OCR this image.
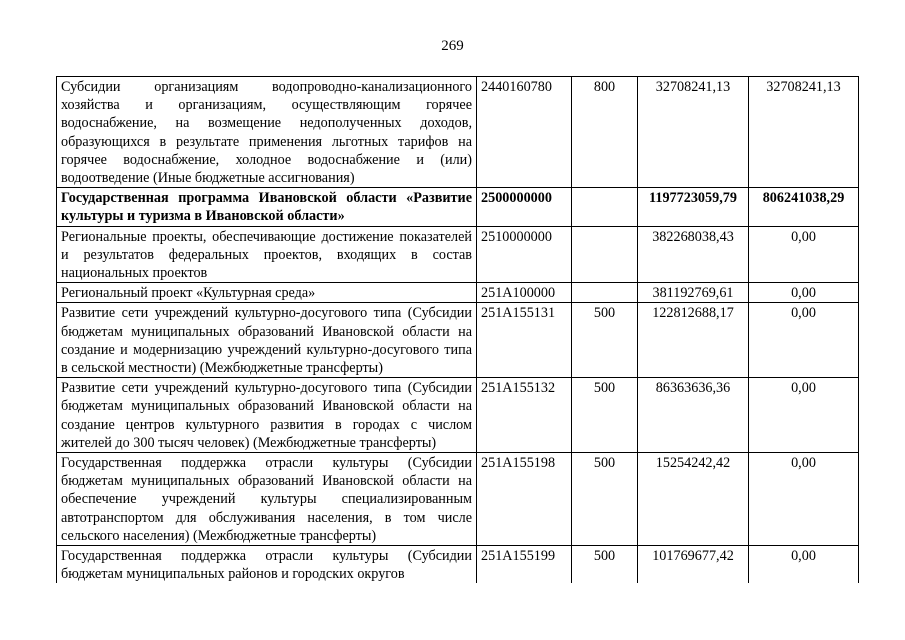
269
Субсидии организациям водопроводно-канализационного хозяйства и организациям, осуществляющим горячее водоснабжение, на возмещение недополученных доходов, образующихся в результате применения льготных тарифов на горячее водоснабжение, холодное водоснабжение и (или) водоотведение (Иные бюджетные ассигнования)	2440160780	800	32708241,13	32708241,13
Государственная программа Ивановской области «Развитие культуры и туризма в Ивановской области»	2500000000		1197723059,79	806241038,29
Региональные проекты, обеспечивающие достижение показателей и результатов федеральных проектов, входящих в состав национальных проектов	2510000000		382268038,43	0,00
Региональный проект «Культурная среда»	251А100000		381192769,61	0,00
Развитие сети учреждений культурно-досугового типа (Субсидии бюджетам муниципальных образований Ивановской области на создание и модернизацию учреждений культурно-досугового типа в сельской местности) (Межбюджетные трансферты)	251А155131	500	122812688,17	0,00
Развитие сети учреждений культурно-досугового типа (Субсидии бюджетам муниципальных образований Ивановской области на создание центров культурного развития в городах с числом жителей до 300 тысяч человек) (Межбюджетные трансферты)	251А155132	500	86363636,36	0,00
Государственная поддержка отрасли культуры (Субсидии бюджетам муниципальных образований Ивановской области на обеспечение учреждений культуры специализированным автотранспортом для обслуживания населения, в том числе сельского населения) (Межбюджетные трансферты)	251А155198	500	15254242,42	0,00
Государственная поддержка отрасли культуры (Субсидии бюджетам муниципальных районов и городских округов	251А155199	500	101769677,42	0,00
